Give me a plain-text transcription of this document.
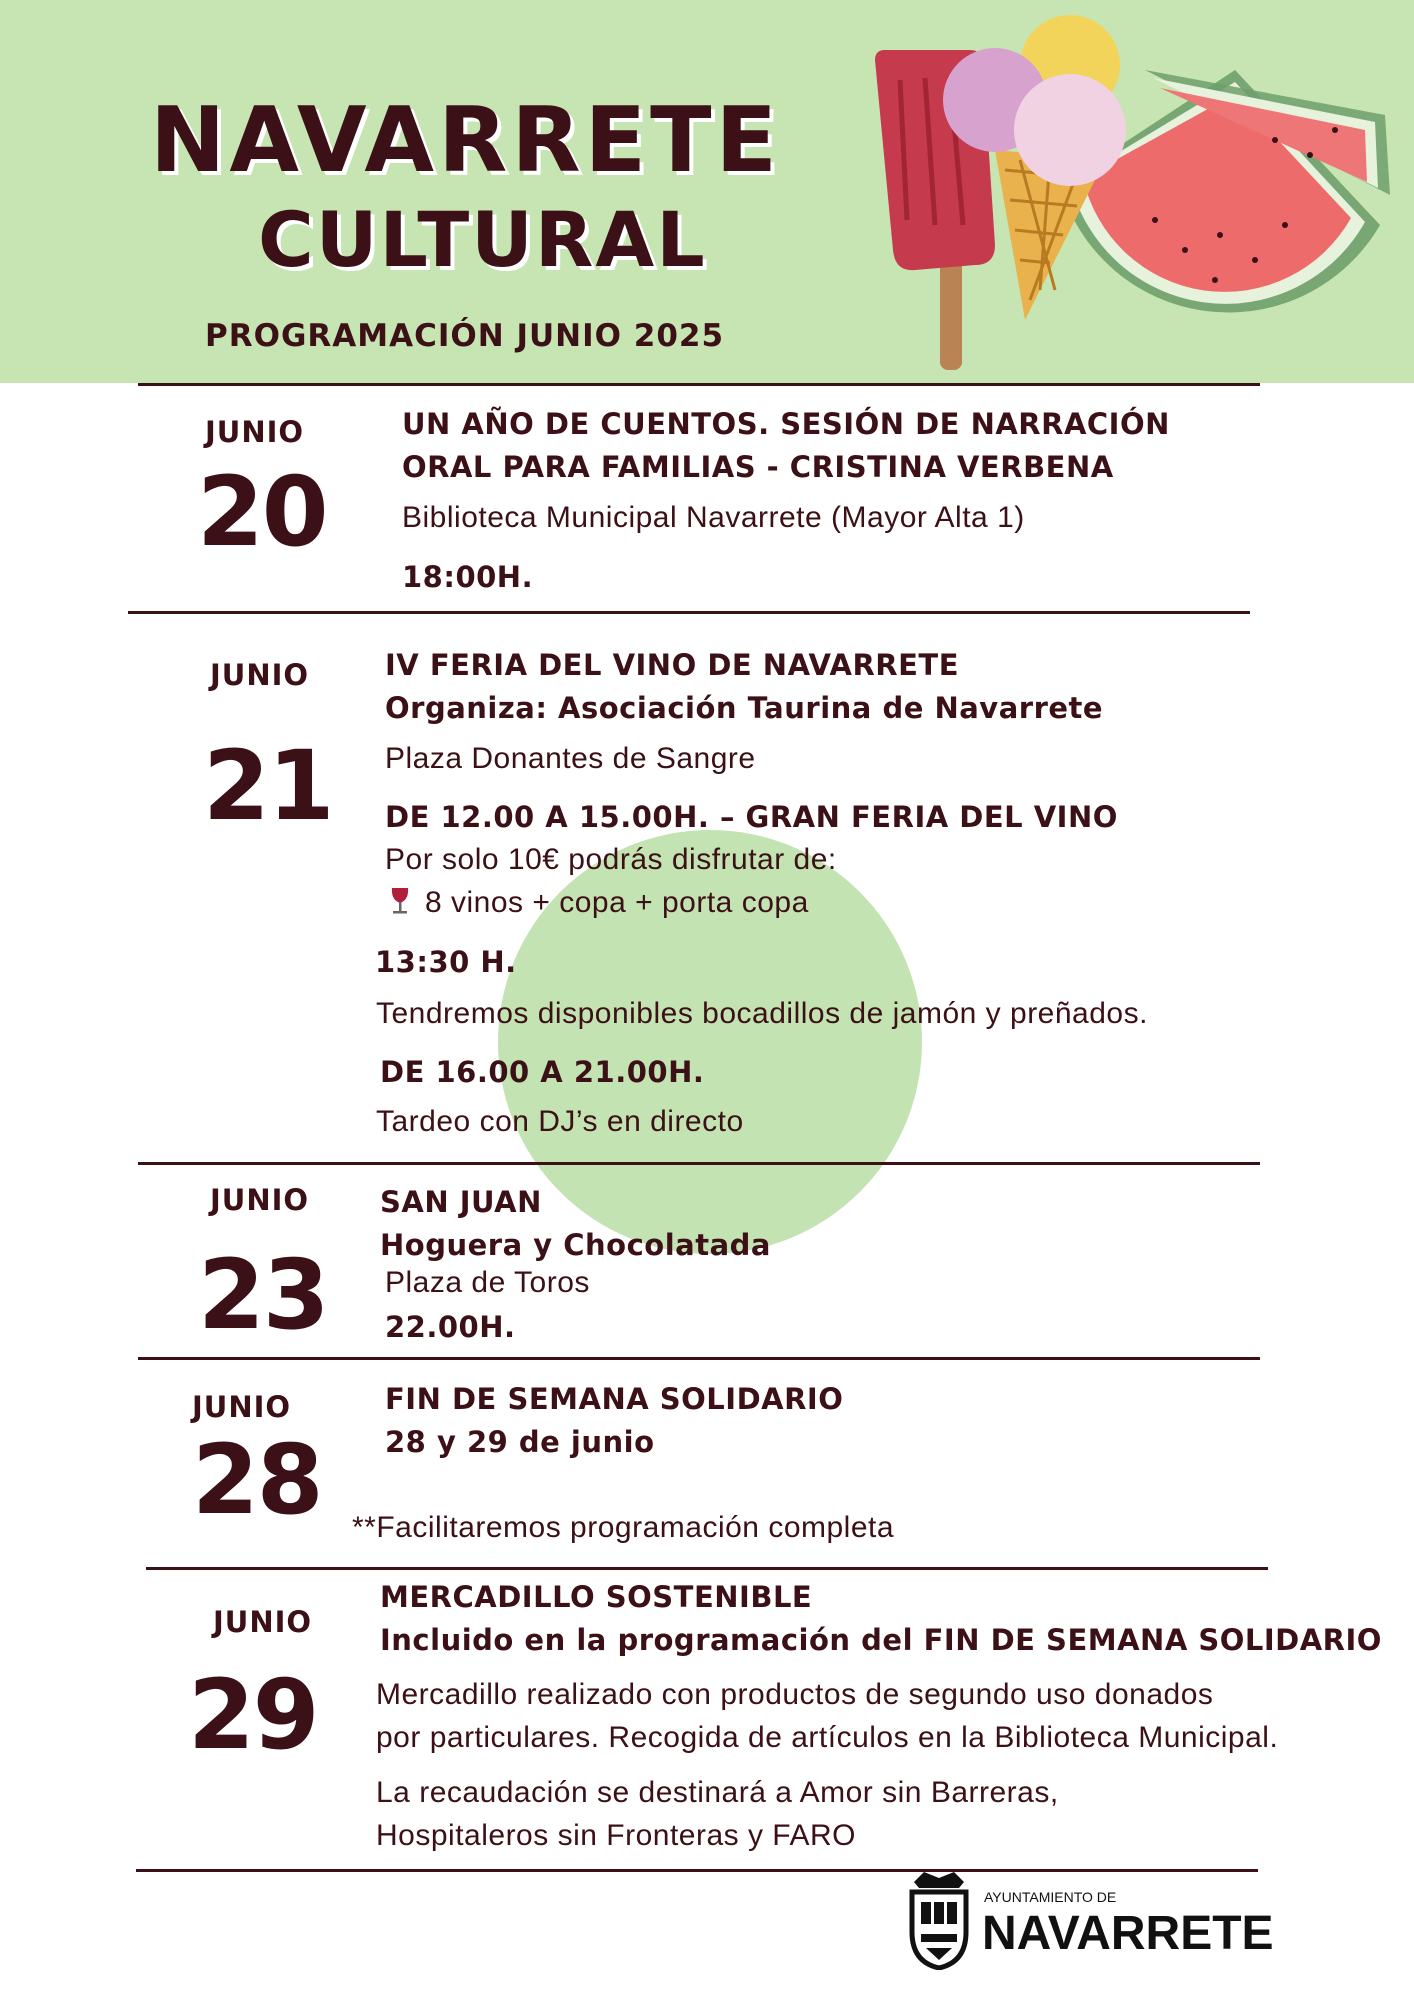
NAVARRETE
CULTURAL
PROGRAMACIÓN JUNIO 2025
JUNIO
20
UN AÑO DE CUENTOS. SESIÓN DE NARRACIÓN
ORAL PARA FAMILIAS - CRISTINA VERBENA
Biblioteca Municipal Navarrete (Mayor Alta 1)
18:00H.
JUNIO
21
IV FERIA DEL VINO DE NAVARRETE
Organiza: Asociación Taurina de Navarrete
Plaza Donantes de Sangre
DE 12.00 A 15.00H. – GRAN FERIA DEL VINO
Por solo 10€ podrás disfrutar de:
8 vinos + copa + porta copa
13:30 H.
Tendremos disponibles bocadillos de jamón y preñados.
DE 16.00 A 21.00H.
Tardeo con DJ’s en directo
JUNIO
23
SAN JUAN
Hoguera y Chocolatada
Plaza de Toros
22.00H.
JUNIO
28
FIN DE SEMANA SOLIDARIO
28 y 29 de junio
**Facilitaremos programación completa
JUNIO
29
MERCADILLO SOSTENIBLE
Incluido en la programación del FIN DE SEMANA SOLIDARIO
Mercadillo realizado con productos de segundo uso donados
por particulares. Recogida de artículos en la Biblioteca Municipal.
La recaudación se destinará a Amor sin Barreras,
Hospitaleros sin Fronteras y FARO
AYUNTAMIENTO DE
NAVARRETE
